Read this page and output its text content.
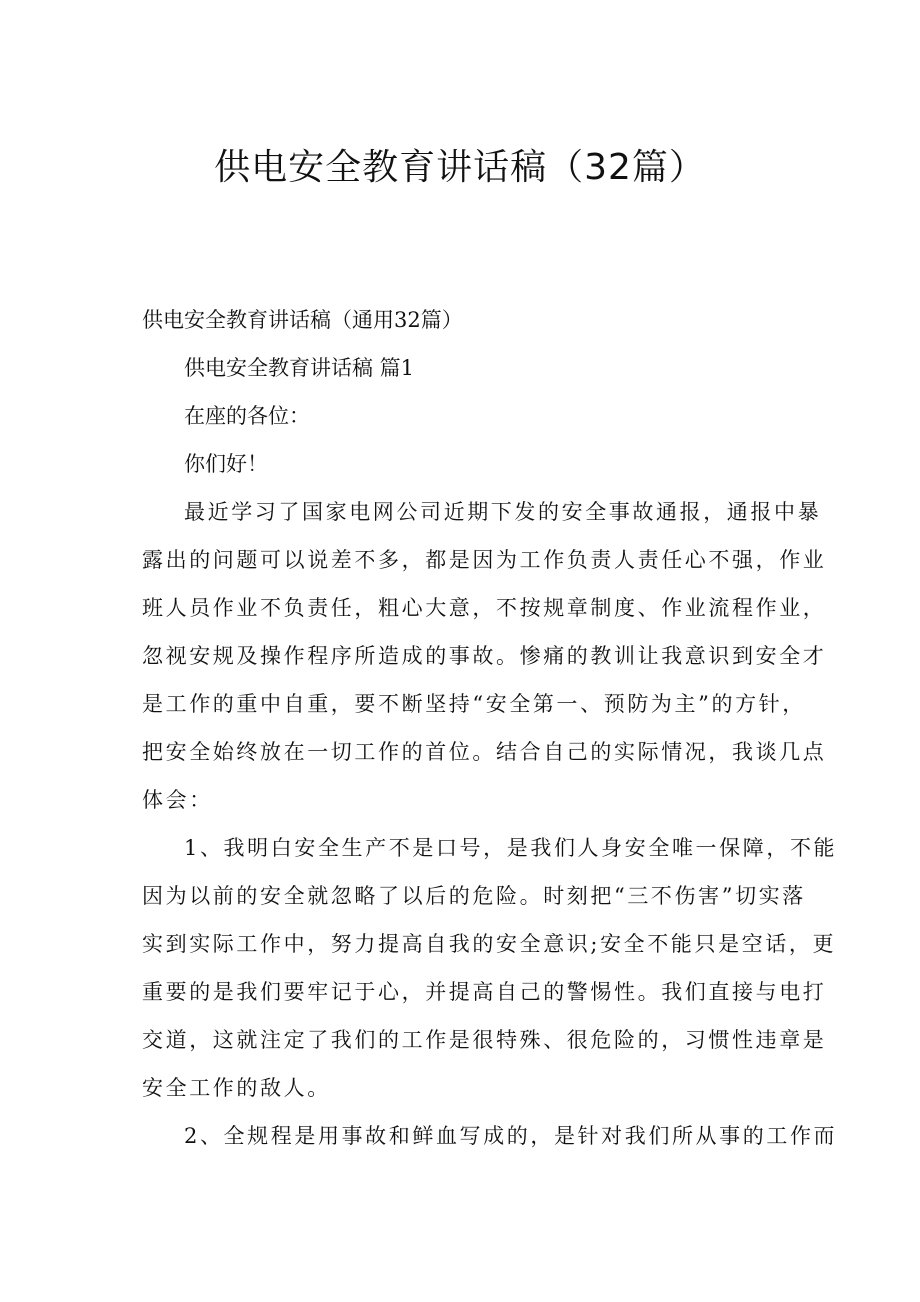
供电安全教育讲话稿（32篇）

供电安全教育讲话稿（通用32篇）

供电安全教育讲话稿 篇1

在座的各位：

你们好！

最近学习了国家电网公司近期下发的安全事故通报，通报中暴

露出的问题可以说差不多，都是因为工作负责人责任心不强，作业

班人员作业不负责任，粗心大意，不按规章制度、作业流程作业，

忽视安规及操作程序所造成的事故。惨痛的教训让我意识到安全才

是工作的重中自重，要不断坚持“安全第一、预防为主”的方针，

把安全始终放在一切工作的首位。结合自己的实际情况，我谈几点

体会：

1、我明白安全生产不是口号，是我们人身安全唯一保障，不能

因为以前的安全就忽略了以后的危险。时刻把“三不伤害”切实落

实到实际工作中，努力提高自我的安全意识;安全不能只是空话，更

重要的是我们要牢记于心，并提高自己的警惕性。我们直接与电打

交道，这就注定了我们的工作是很特殊、很危险的，习惯性违章是

安全工作的敌人。

2、全规程是用事故和鲜血写成的，是针对我们所从事的工作而
